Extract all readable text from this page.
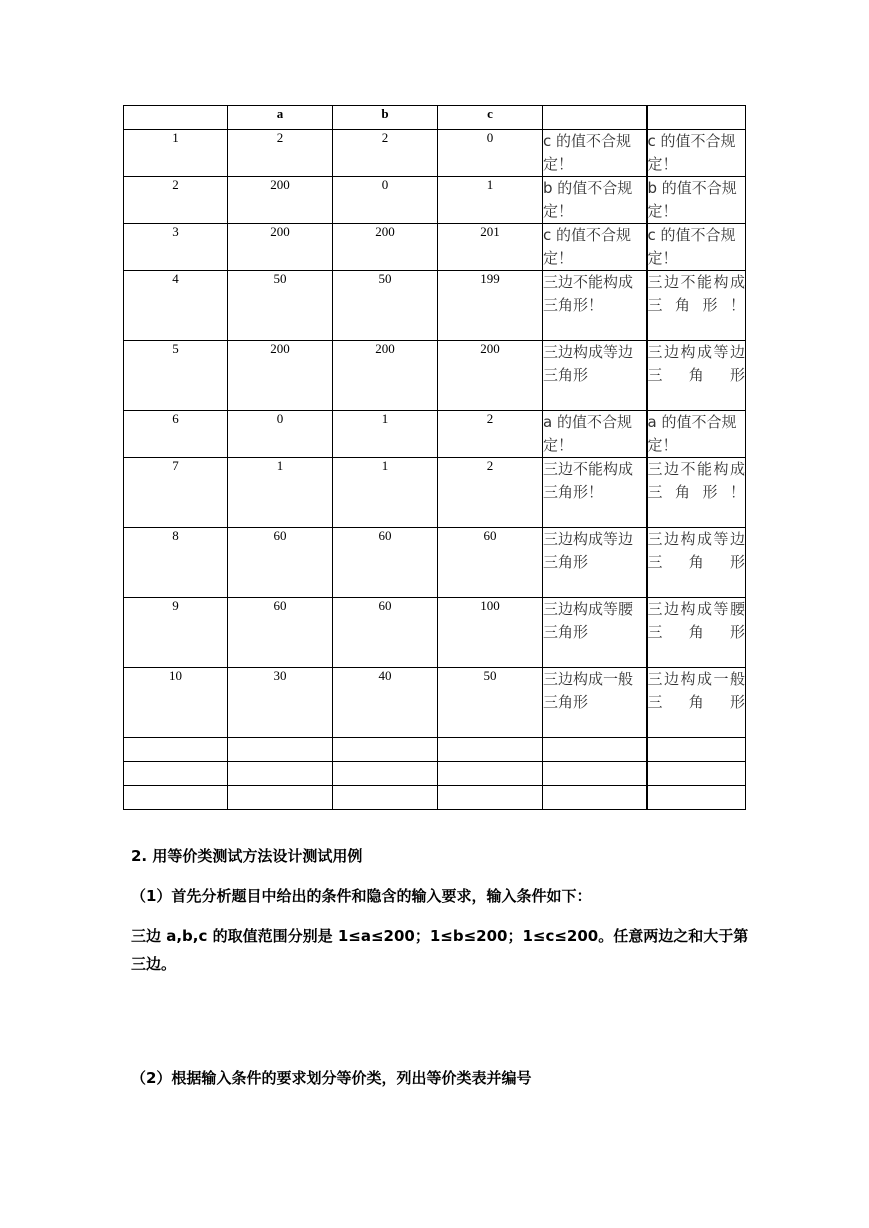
	a	b	c		
1	2	2	0	c 的值不合规定！	c 的值不合规定！
2	200	0	1	b 的值不合规定！	b 的值不合规定！
3	200	200	201	c 的值不合规定！	c 的值不合规定！
4	50	50	199	三边不能构成三角形！	三边不能构成三角形！
5	200	200	200	三边构成等边三角形	三边构成等边三角形
6	0	1	2	a 的值不合规定！	a 的值不合规定！
7	1	1	2	三边不能构成三角形！	三边不能构成三角形！
8	60	60	60	三边构成等边三角形	三边构成等边三角形
9	60	60	100	三边构成等腰三角形	三边构成等腰三角形
10	30	40	50	三边构成一般三角形	三边构成一般三角形

2. 用等价类测试方法设计测试用例

（1）首先分析题目中给出的条件和隐含的输入要求，输入条件如下：

三边 a,b,c 的取值范围分别是 1≤a≤200；1≤b≤200；1≤c≤200。任意两边之和大于第三边。

（2）根据输入条件的要求划分等价类，列出等价类表并编号
